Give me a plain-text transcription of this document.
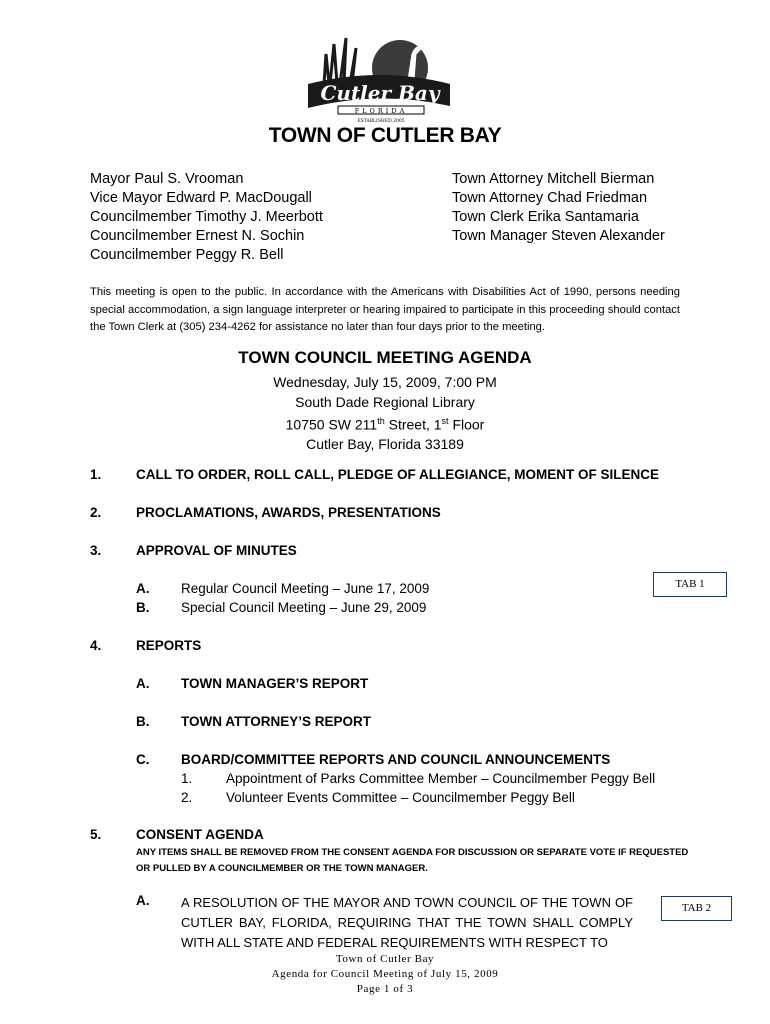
Cutler Bay
FLORIDA
ESTABLISHED 2005
TOWN OF CUTLER BAY
Mayor Paul S. Vrooman
Vice Mayor Edward P. MacDougall
Councilmember Timothy J. Meerbott
Councilmember Ernest N. Sochin
Councilmember Peggy R. Bell
Town Attorney Mitchell Bierman
Town Attorney Chad Friedman
Town Clerk Erika Santamaria
Town Manager Steven Alexander
This meeting is open to the public. In accordance with the Americans with Disabilities Act of 1990, persons needing special accommodation, a sign language interpreter or hearing impaired to participate in this proceeding should contact the Town Clerk at (305) 234-4262 for assistance no later than four days prior to the meeting.
TOWN COUNCIL MEETING AGENDA
Wednesday, July 15, 2009, 7:00 PM
South Dade Regional Library
10750 SW 211th Street, 1st Floor
Cutler Bay, Florida 33189
1.	CALL TO ORDER, ROLL CALL, PLEDGE OF ALLEGIANCE, MOMENT OF SILENCE
2.	PROCLAMATIONS, AWARDS, PRESENTATIONS
3.	APPROVAL OF MINUTES
A. Regular Council Meeting – June 17, 2009
B. Special Council Meeting – June 29, 2009
TAB 1
4.	REPORTS
A. TOWN MANAGER’S REPORT
B. TOWN ATTORNEY’S REPORT
C. BOARD/COMMITTEE REPORTS AND COUNCIL ANNOUNCEMENTS
1. Appointment of Parks Committee Member – Councilmember Peggy Bell
2. Volunteer Events Committee – Councilmember Peggy Bell
5.	CONSENT AGENDA
ANY ITEMS SHALL BE REMOVED FROM THE CONSENT AGENDA FOR DISCUSSION OR SEPARATE VOTE IF REQUESTED OR PULLED BY A COUNCILMEMBER OR THE TOWN MANAGER.
A. A RESOLUTION OF THE MAYOR AND TOWN COUNCIL OF THE TOWN OF CUTLER BAY, FLORIDA, REQUIRING THAT THE TOWN SHALL COMPLY WITH ALL STATE AND FEDERAL REQUIREMENTS WITH RESPECT TO
TAB 2
Town of Cutler Bay
Agenda for Council Meeting of July 15, 2009
Page 1 of 3
